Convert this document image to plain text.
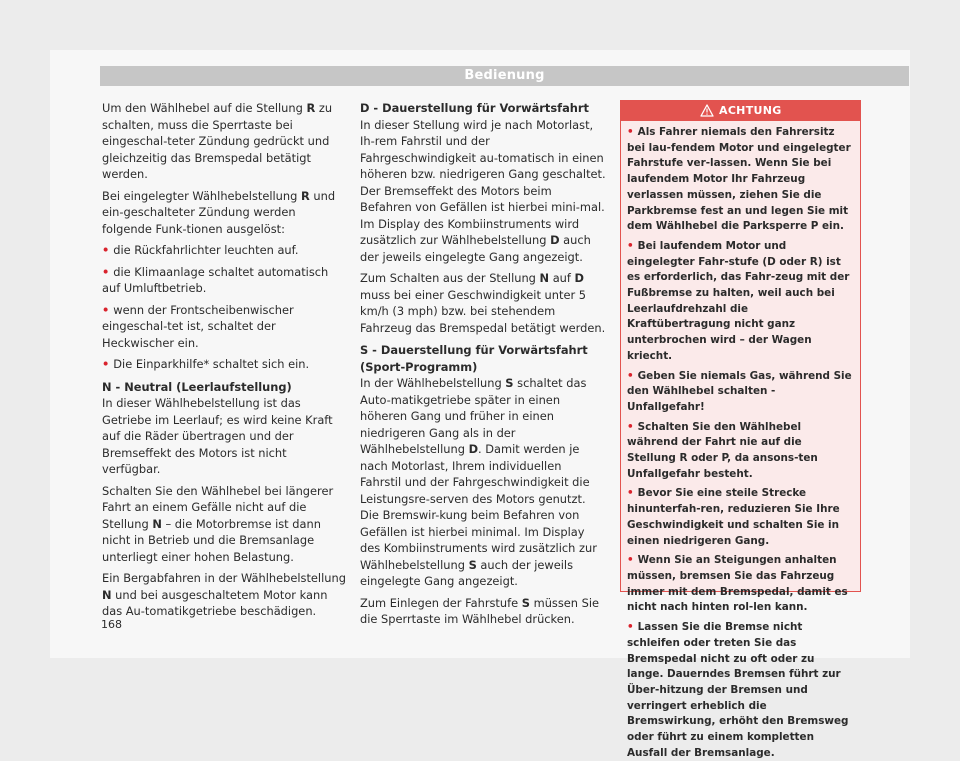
Bedienung

Um den Wählhebel auf die Stellung R zu schalten, muss die Sperrtaste bei eingeschal-teter Zündung gedrückt und gleichzeitig das Bremspedal betätigt werden.

Bei eingelegter Wählhebelstellung R und ein-geschalteter Zündung werden folgende Funk-tionen ausgelöst:

• die Rückfahrlichter leuchten auf.

• die Klimaanlage schaltet automatisch auf Umluftbetrieb.

• wenn der Frontscheibenwischer eingeschal-tet ist, schaltet der Heckwischer ein.

• Die Einparkhilfe* schaltet sich ein.

N - Neutral (Leerlaufstellung)

In dieser Wählhebelstellung ist das Getriebe im Leerlauf; es wird keine Kraft auf die Räder übertragen und der Bremseffekt des Motors ist nicht verfügbar.

Schalten Sie den Wählhebel bei längerer Fahrt an einem Gefälle nicht auf die Stellung N – die Motorbremse ist dann nicht in Betrieb und die Bremsanlage unterliegt einer hohen Belastung.

Ein Bergabfahren in der Wählhebelstellung N und bei ausgeschaltetem Motor kann das Au-tomatikgetriebe beschädigen.

D - Dauerstellung für Vorwärtsfahrt

In dieser Stellung wird je nach Motorlast, Ih-rem Fahrstil und der Fahrgeschwindigkeit au-tomatisch in einen höheren bzw. niedrigeren Gang geschaltet. Der Bremseffekt des Motors beim Befahren von Gefällen ist hierbei mini-mal. Im Display des Kombiinstruments wird zusätzlich zur Wählhebelstellung D auch der jeweils eingelegte Gang angezeigt.

Zum Schalten aus der Stellung N auf D muss bei einer Geschwindigkeit unter 5 km/h (3 mph) bzw. bei stehendem Fahrzeug das Bremspedal betätigt werden.

S - Dauerstellung für Vorwärtsfahrt (Sport-Programm)

In der Wählhebelstellung S schaltet das Auto-matikgetriebe später in einen höheren Gang und früher in einen niedrigeren Gang als in der Wählhebelstellung D. Damit werden je nach Motorlast, Ihrem individuellen Fahrstil und der Fahrgeschwindigkeit die Leistungsre-serven des Motors genutzt. Die Bremswir-kung beim Befahren von Gefällen ist hierbei minimal. Im Display des Kombiinstruments wird zusätzlich zur Wählhebelstellung S auch der jeweils eingelegte Gang angezeigt.

Zum Einlegen der Fahrstufe S müssen Sie die Sperrtaste im Wählhebel drücken.

ACHTUNG

• Als Fahrer niemals den Fahrersitz bei lau-fendem Motor und eingelegter Fahrstufe ver-lassen. Wenn Sie bei laufendem Motor Ihr Fahrzeug verlassen müssen, ziehen Sie die Parkbremse fest an und legen Sie mit dem Wählhebel die Parksperre P ein.

• Bei laufendem Motor und eingelegter Fahr-stufe (D oder R) ist es erforderlich, das Fahr-zeug mit der Fußbremse zu halten, weil auch bei Leerlaufdrehzahl die Kraftübertragung nicht ganz unterbrochen wird – der Wagen kriecht.

• Geben Sie niemals Gas, während Sie den Wählhebel schalten - Unfallgefahr!

• Schalten Sie den Wählhebel während der Fahrt nie auf die Stellung R oder P, da ansons-ten Unfallgefahr besteht.

• Bevor Sie eine steile Strecke hinunterfah-ren, reduzieren Sie Ihre Geschwindigkeit und schalten Sie in einen niedrigeren Gang.

• Wenn Sie an Steigungen anhalten müssen, bremsen Sie das Fahrzeug immer mit dem Bremspedal, damit es nicht nach hinten rol-len kann.

• Lassen Sie die Bremse nicht schleifen oder treten Sie das Bremspedal nicht zu oft oder zu lange. Dauerndes Bremsen führt zur Über-hitzung der Bremsen und verringert erheblich die Bremswirkung, erhöht den Bremsweg oder führt zu einem kompletten Ausfall der Bremsanlage.

168
